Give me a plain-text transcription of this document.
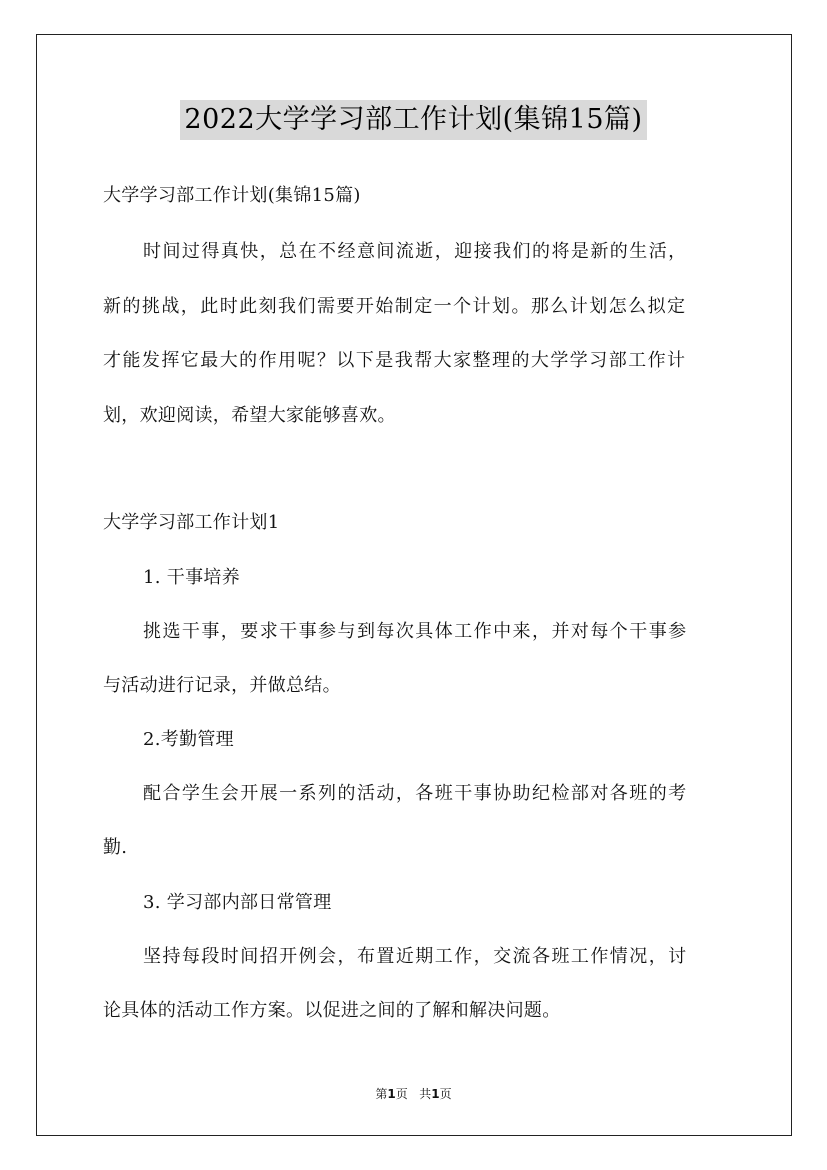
2022大学学习部工作计划(集锦15篇)

大学学习部工作计划(集锦15篇)

时间过得真快，总在不经意间流逝，迎接我们的将是新的生活，

新的挑战，此时此刻我们需要开始制定一个计划。那么计划怎么拟定

才能发挥它最大的作用呢？以下是我帮大家整理的大学学习部工作计

划，欢迎阅读，希望大家能够喜欢。

大学学习部工作计划1

1. 干事培养

挑选干事，要求干事参与到每次具体工作中来，并对每个干事参

与活动进行记录，并做总结。

2.考勤管理

配合学生会开展一系列的活动，各班干事协助纪检部对各班的考

勤.

3. 学习部内部日常管理

坚持每段时间招开例会，布置近期工作，交流各班工作情况，讨

论具体的活动工作方案。以促进之间的了解和解决问题。

第1页 共1页
